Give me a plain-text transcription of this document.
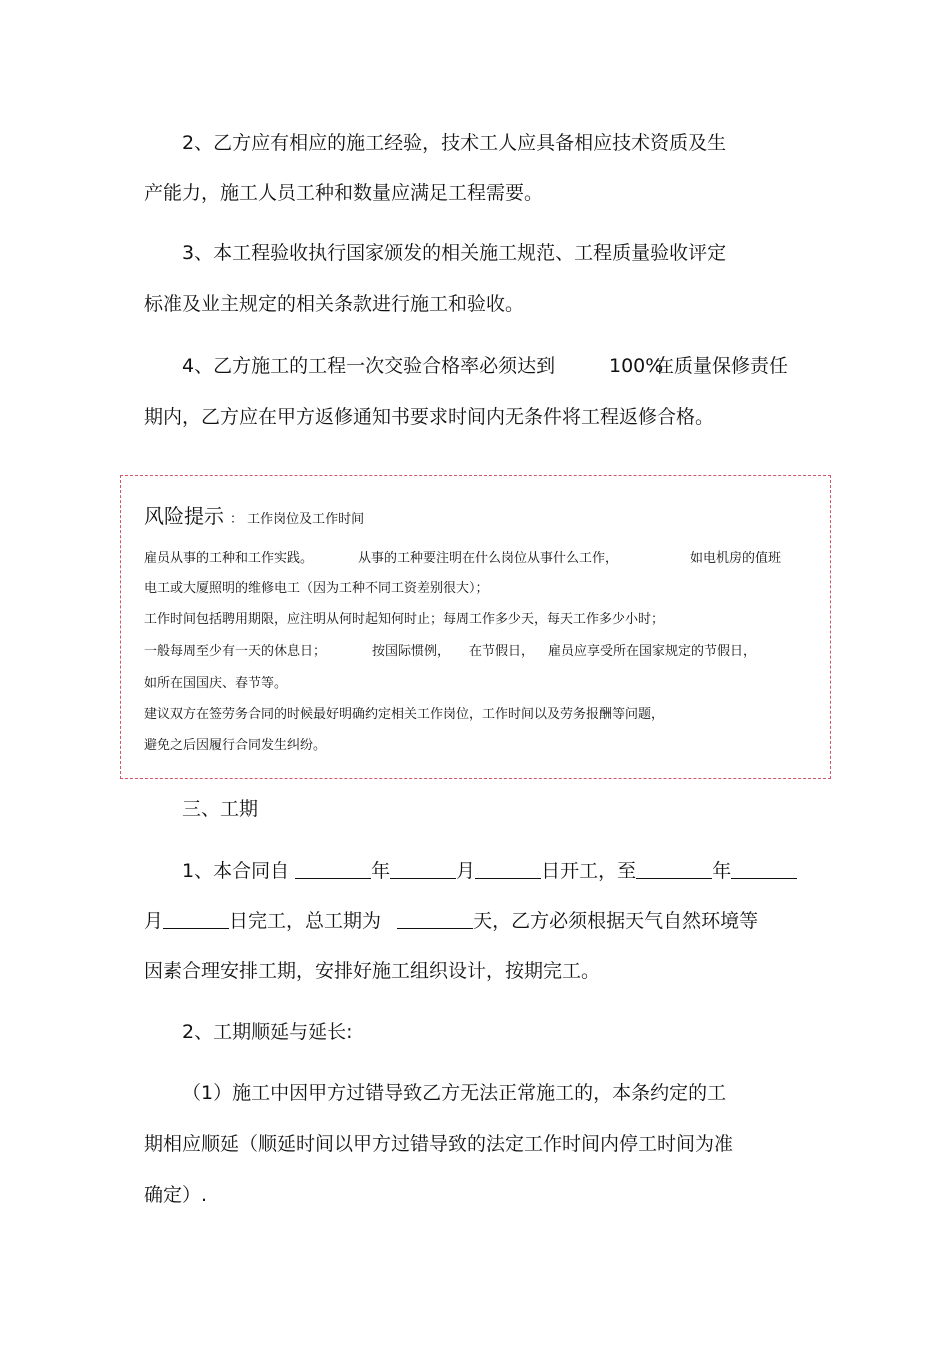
2、乙方应有相应的施工经验，技术工人应具备相应技术资质及生
产能力，施工人员工种和数量应满足工程需要。
3、本工程验收执行国家颁发的相关施工规范、工程质量验收评定
标准及业主规定的相关条款进行施工和验收。
4、乙方施工的工程一次交验合格率必须达到	100%
在质量保修责任
期内，乙方应在甲方返修通知书要求时间内无条件将工程返修合格。
风险提示 ： 工作岗位及工作时间
雇员从事的工种和工作实践。	从事的工种要注明在什么岗位从事什么工作，	如电机房的值班
电工或大厦照明的维修电工（因为工种不同工资差别很大）；
工作时间包括聘用期限，应注明从何时起知何时止；每周工作多少天，每天工作多少小时；
一般每周至少有一天的休息日；	按国际惯例， 在节假日， 雇员应享受所在国家规定的节假日，
如所在国国庆、春节等。
建议双方在签劳务合同的时候最好明确约定相关工作岗位，工作时间以及劳务报酬等问题，
避免之后因履行合同发生纠纷。
三、工期
1、本合同自	年	月	日开工，至	年
月	日完工，总工期为	天，乙方必须根据天气自然环境等
因素合理安排工期，安排好施工组织设计，按期完工。
2、工期顺延与延长:
（1）施工中因甲方过错导致乙方无法正常施工的，本条约定的工
期相应顺延（顺延时间以甲方过错导致的法定工作时间内停工时间为准
确定）.
